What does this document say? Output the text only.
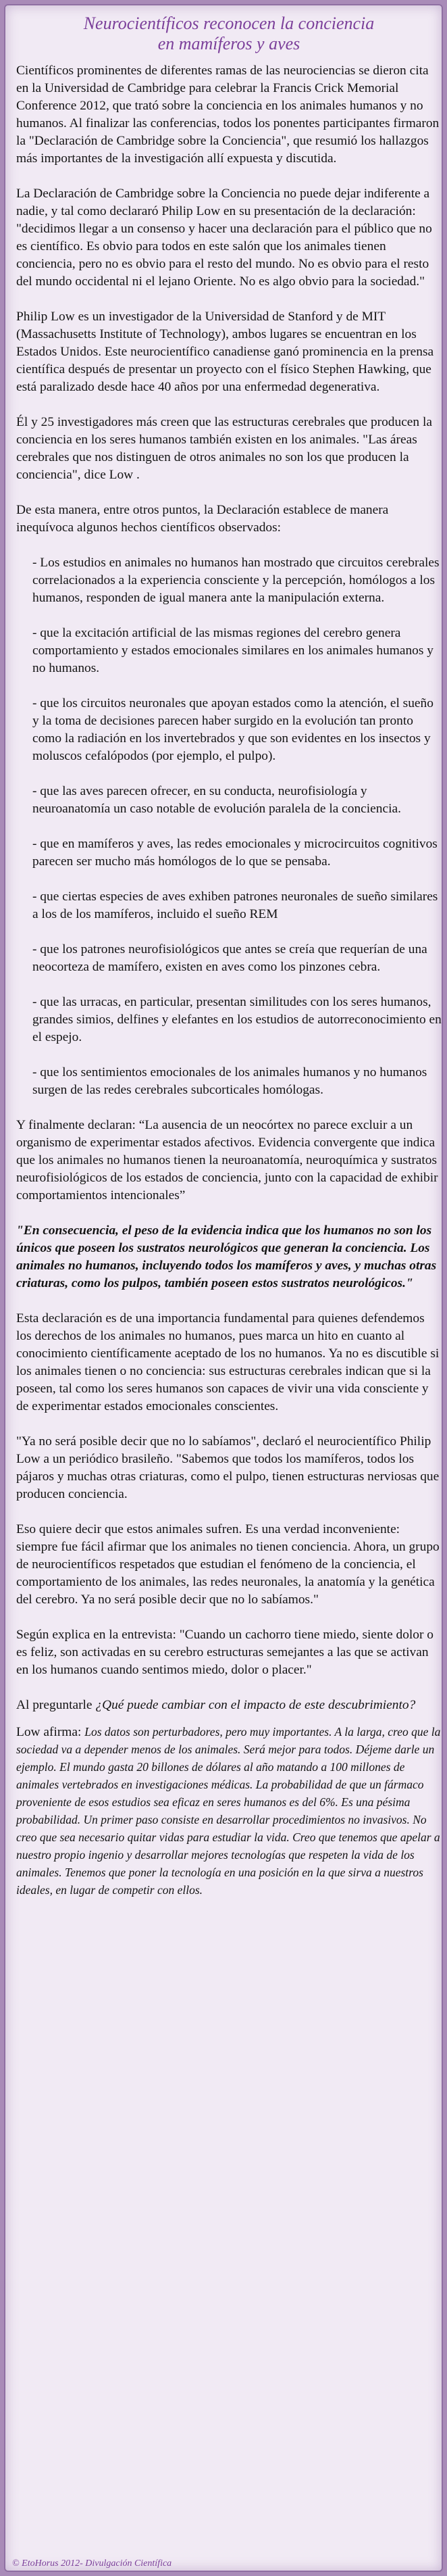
Neurocientíficos reconocen la conciencia
en mamíferos y aves

Científicos prominentes de diferentes ramas de las neurociencias se dieron cita en la Universidad de Cambridge para celebrar la Francis Crick Memorial Conference 2012, que trató sobre la conciencia en los animales humanos y no humanos. Al finalizar las conferencias, todos los ponentes participantes firmaron la "Declaración de Cambridge sobre la Conciencia", que resumió los hallazgos más importantes de la investigación allí expuesta y discutida.

La Declaración de Cambridge sobre la Conciencia no puede dejar indiferente a nadie, y tal como declararó Philip Low en su presentación de la declaración: "decidimos llegar a un consenso y hacer una declaración para el público que no es científico. Es obvio para todos en este salón que los animales tienen conciencia, pero no es obvio para el resto del mundo. No es obvio para el resto del mundo occidental ni el lejano Oriente. No es algo obvio para la sociedad."

Philip Low es un investigador de la Universidad de Stanford y de MIT (Massachusetts Institute of Technology), ambos lugares se encuentran en los Estados Unidos. Este neurocientífico canadiense ganó prominencia en la prensa científica después de presentar un proyecto con el físico Stephen Hawking, que está paralizado desde hace 40 años por una enfermedad degenerativa.

Él y 25 investigadores más creen que las estructuras cerebrales que producen la conciencia en los seres humanos también existen en los animales. "Las áreas cerebrales que nos distinguen de otros animales no son los que producen la conciencia", dice Low .

De esta manera, entre otros puntos, la Declaración establece de manera inequívoca algunos hechos científicos observados:

- Los estudios en animales no humanos han mostrado que circuitos cerebrales correlacionados a la experiencia consciente y la percepción, homólogos a los humanos, responden de igual manera ante la manipulación externa.

- que la excitación artificial de las mismas regiones del cerebro genera comportamiento y estados emocionales similares en los animales humanos y no humanos.

- que los circuitos neuronales que apoyan estados como la atención, el sueño y la toma de decisiones parecen haber surgido en la evolución tan pronto como la radiación en los invertebrados y que son evidentes en los insectos y moluscos cefalópodos (por ejemplo, el pulpo).

- que las aves parecen ofrecer, en su conducta, neurofisiología y neuroanatomía un caso notable de evolución paralela de la conciencia.

- que en mamíferos y aves, las redes emocionales y microcircuitos cognitivos parecen ser mucho más homólogos de lo que se pensaba.

- que ciertas especies de aves exhiben patrones neuronales de sueño similares a los de los mamíferos, incluido el sueño REM

- que los patrones neurofisiológicos que antes se creía que requerían de una neocorteza de mamífero, existen en aves como los pinzones cebra.

- que las urracas, en particular, presentan similitudes con los seres humanos, grandes simios, delfines y elefantes en los estudios de autorreconocimiento en el espejo.

- que los sentimientos emocionales de los animales humanos y no humanos surgen de las redes cerebrales subcorticales homólogas.

Y finalmente declaran: “La ausencia de un neocórtex no parece excluir a un organismo de experimentar estados afectivos. Evidencia convergente que indica que los animales no humanos tienen la neuroanatomía, neuroquímica y sustratos neurofisiológicos de los estados de conciencia, junto con la capacidad de exhibir comportamientos intencionales”

"En consecuencia, el peso de la evidencia indica que los humanos no son los únicos que poseen los sustratos neurológicos que generan la conciencia. Los animales no humanos, incluyendo todos los mamíferos y aves, y muchas otras criaturas, como los pulpos, también poseen estos sustratos neurológicos."

Esta declaración es de una importancia fundamental para quienes defendemos los derechos de los animales no humanos, pues marca un hito en cuanto al conocimiento científicamente aceptado de los no humanos. Ya no es discutible si los animales tienen o no conciencia: sus estructuras cerebrales indican que si la poseen, tal como los seres humanos son capaces de vivir una vida consciente y de experimentar estados emocionales conscientes.

"Ya no será posible decir que no lo sabíamos", declaró el neurocientífico Philip Low a un periódico brasileño. "Sabemos que todos los mamíferos, todos los pájaros y muchas otras criaturas, como el pulpo, tienen estructuras nerviosas que producen conciencia.

Eso quiere decir que estos animales sufren. Es una verdad inconveniente: siempre fue fácil afirmar que los animales no tienen conciencia. Ahora, un grupo de neurocientíficos respetados que estudian el fenómeno de la conciencia, el comportamiento de los animales, las redes neuronales, la anatomía y la genética del cerebro. Ya no será posible decir que no lo sabíamos."

Según explica en la entrevista: "Cuando un cachorro tiene miedo, siente dolor o es feliz, son activadas en su cerebro estructuras semejantes a las que se activan en los humanos cuando sentimos miedo, dolor o placer."

Al preguntarle ¿Qué puede cambiar con el impacto de este descubrimiento?

Low afirma: Los datos son perturbadores, pero muy importantes. A la larga, creo que la sociedad va a depender menos de los animales. Será mejor para todos. Déjeme darle un ejemplo. El mundo gasta 20 billones de dólares al año matando a 100 millones de animales vertebrados en investigaciones médicas. La probabilidad de que un fármaco proveniente de esos estudios sea eficaz en seres humanos es del 6%. Es una pésima probabilidad. Un primer paso consiste en desarrollar procedimientos no invasivos. No creo que sea necesario quitar vidas para estudiar la vida. Creo que tenemos que apelar a nuestro propio ingenio y desarrollar mejores tecnologías que respeten la vida de los animales. Tenemos que poner la tecnología en una posición en la que sirva a nuestros ideales, en lugar de competir con ellos.

© EtoHorus 2012- Divulgación Científica
